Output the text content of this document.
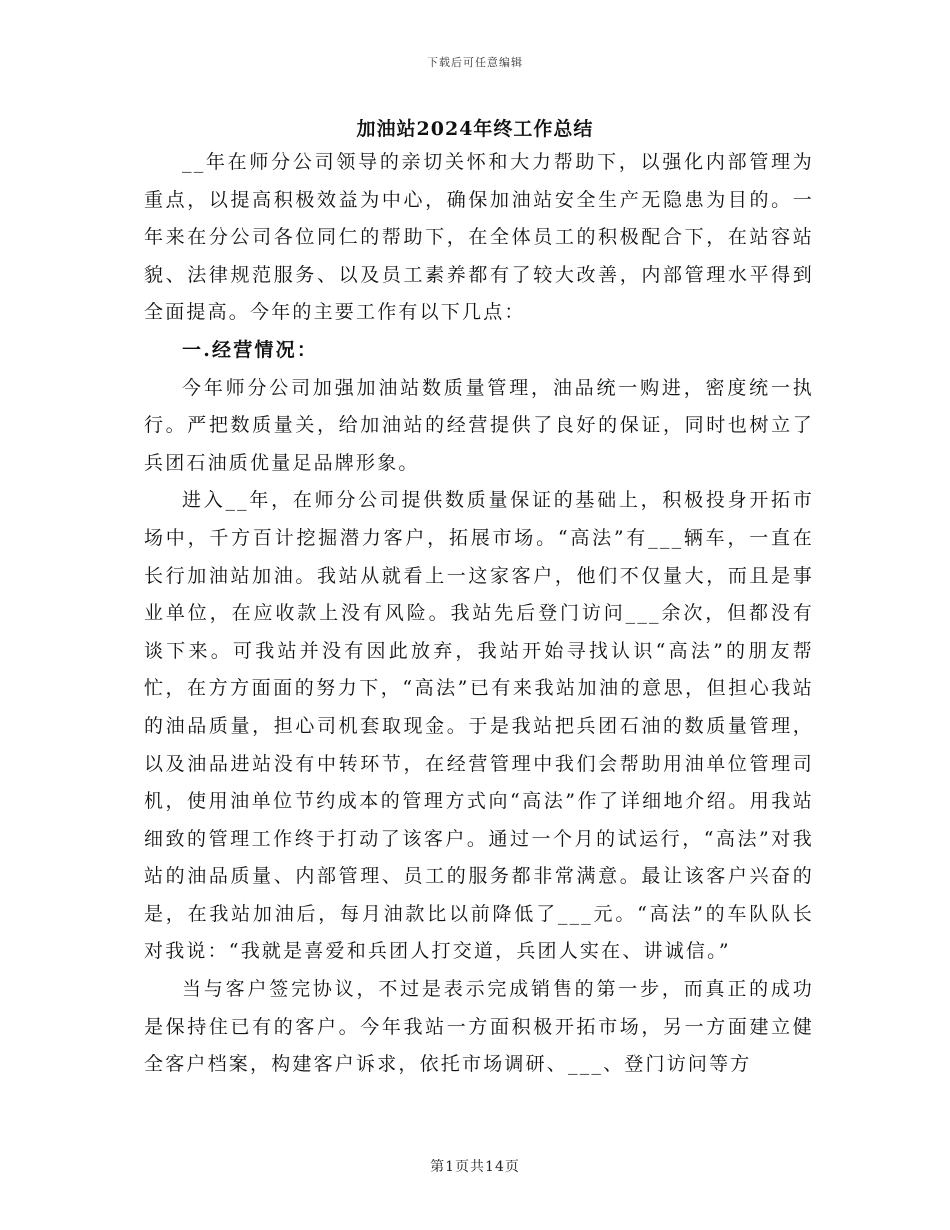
下载后可任意编辑
加油站2024年终工作总结

__年在师分公司领导的亲切关怀和大力帮助下，以强化内部管理为重点，以提高积极效益为中心，确保加油站安全生产无隐患为目的。一年来在分公司各位同仁的帮助下，在全体员工的积极配合下，在站容站貌、法律规范服务、以及员工素养都有了较大改善，内部管理水平得到全面提高。今年的主要工作有以下几点：

一.经营情况：

今年师分公司加强加油站数质量管理，油品统一购进，密度统一执行。严把数质量关，给加油站的经营提供了良好的保证，同时也树立了兵团石油质优量足品牌形象。

进入__年，在师分公司提供数质量保证的基础上，积极投身开拓市场中，千方百计挖掘潜力客户，拓展市场。“高法”有___辆车，一直在长行加油站加油。我站从就看上一这家客户，他们不仅量大，而且是事业单位，在应收款上没有风险。我站先后登门访问___余次，但都没有谈下来。可我站并没有因此放弃，我站开始寻找认识“高法”的朋友帮忙，在方方面面的努力下，“高法”已有来我站加油的意思，但担心我站的油品质量，担心司机套取现金。于是我站把兵团石油的数质量管理，以及油品进站没有中转环节，在经营管理中我们会帮助用油单位管理司机，使用油单位节约成本的管理方式向“高法”作了详细地介绍。用我站细致的管理工作终于打动了该客户。通过一个月的试运行，“高法”对我站的油品质量、内部管理、员工的服务都非常满意。最让该客户兴奋的是，在我站加油后，每月油款比以前降低了___元。“高法”的车队队长对我说：“我就是喜爱和兵团人打交道，兵团人实在、讲诚信。”

当与客户签完协议，不过是表示完成销售的第一步，而真正的成功是保持住已有的客户。今年我站一方面积极开拓市场，另一方面建立健全客户档案，构建客户诉求，依托市场调研、___、登门访问等方

第1页共14页
